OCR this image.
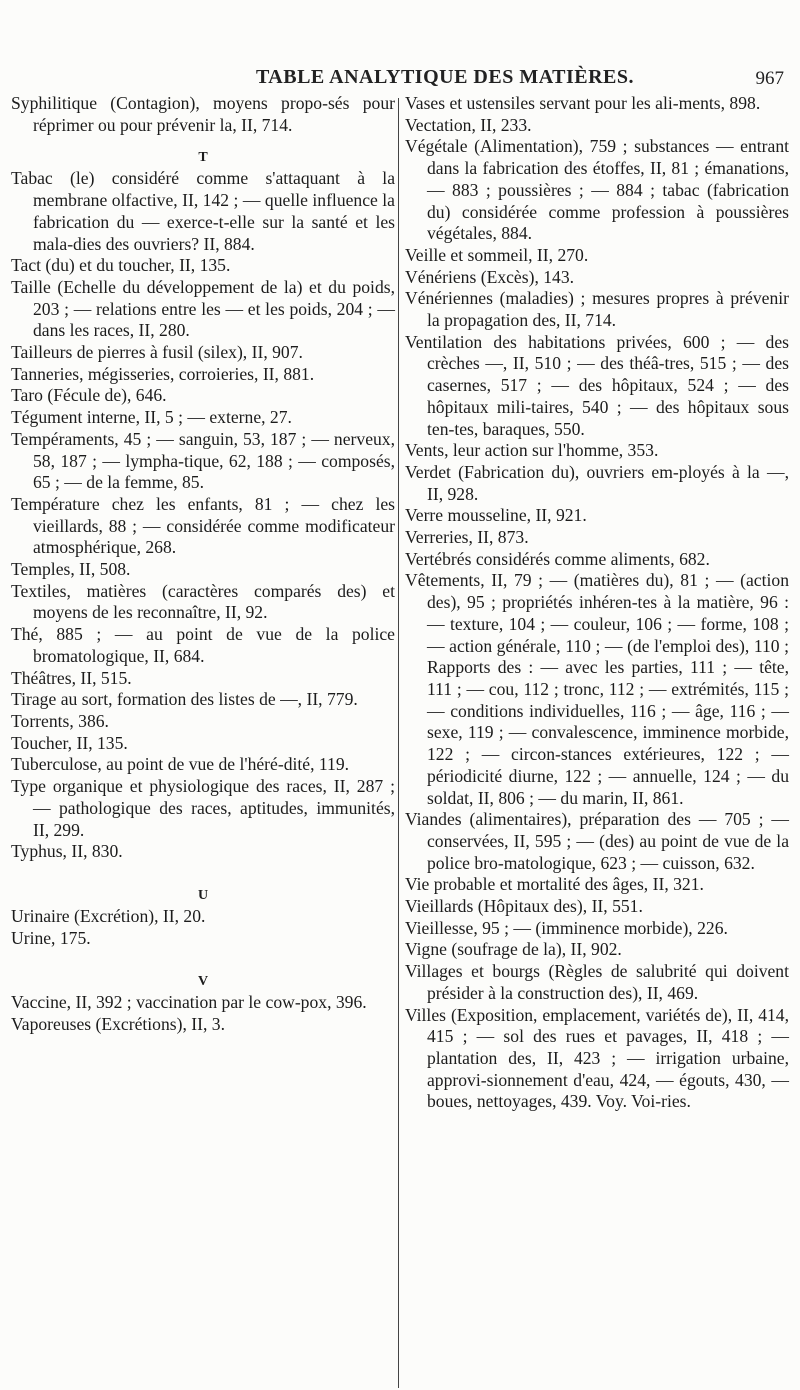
TABLE ANALYTIQUE DES MATIÈRES.	967

Syphilitique (Contagion), moyens propo-sés pour réprimer ou pour prévenir la, II, 714.

T

Tabac (le) considéré comme s'attaquant à la membrane olfactive, II, 142 ; — quelle influence la fabrication du — exerce-t-elle sur la santé et les mala-dies des ouvriers? II, 884.

Tact (du) et du toucher, II, 135.

Taille (Echelle du développement de la) et du poids, 203 ; — relations entre les — et les poids, 204 ; — dans les races, II, 280.

Tailleurs de pierres à fusil (silex), II, 907.

Tanneries, mégisseries, corroieries, II, 881.

Taro (Fécule de), 646.

Tégument interne, II, 5 ; — externe, 27.

Tempéraments, 45 ; — sanguin, 53, 187 ; — nerveux, 58, 187 ; — lympha-tique, 62, 188 ; — composés, 65 ; — de la femme, 85.

Température chez les enfants, 81 ; — chez les vieillards, 88 ; — considérée comme modificateur atmosphérique, 268.

Temples, II, 508.

Textiles, matières (caractères comparés des) et moyens de les reconnaître, II, 92.

Thé, 885 ; — au point de vue de la police bromatologique, II, 684.

Théâtres, II, 515.

Tirage au sort, formation des listes de —, II, 779.

Torrents, 386.

Toucher, II, 135.

Tuberculose, au point de vue de l'héré-dité, 119.

Type organique et physiologique des races, II, 287 ; — pathologique des races, aptitudes, immunités, II, 299.

Typhus, II, 830.

U

Urinaire (Excrétion), II, 20.

Urine, 175.

V

Vaccine, II, 392 ; vaccination par le cow-pox, 396.

Vaporeuses (Excrétions), II, 3.

Vases et ustensiles servant pour les ali-ments, 898.

Vectation, II, 233.

Végétale (Alimentation), 759 ; substances — entrant dans la fabrication des étoffes, II, 81 ; émanations, — 883 ; poussières ; — 884 ; tabac (fabrication du) considérée comme profession à poussières végétales, 884.

Veille et sommeil, II, 270.

Vénériens (Excès), 143.

Vénériennes (maladies) ; mesures propres à prévenir la propagation des, II, 714.

Ventilation des habitations privées, 600 ; — des crèches —, II, 510 ; — des théâ-tres, 515 ; — des casernes, 517 ; — des hôpitaux, 524 ; — des hôpitaux mili-taires, 540 ; — des hôpitaux sous ten-tes, baraques, 550.

Vents, leur action sur l'homme, 353.

Verdet (Fabrication du), ouvriers em-ployés à la —, II, 928.

Verre mousseline, II, 921.

Verreries, II, 873.

Vertébrés considérés comme aliments, 682.

Vêtements, II, 79 ; — (matières du), 81 ; — (action des), 95 ; propriétés inhéren-tes à la matière, 96 : — texture, 104 ; — couleur, 106 ; — forme, 108 ; — action générale, 110 ; — (de l'emploi des), 110 ; Rapports des : — avec les parties, 111 ; — tête, 111 ; — cou, 112 ; tronc, 112 ; — extrémités, 115 ; — conditions individuelles, 116 ; — âge, 116 ; — sexe, 119 ; — convalescence, imminence morbide, 122 ; — circon-stances extérieures, 122 ; — périodicité diurne, 122 ; — annuelle, 124 ; — du soldat, II, 806 ; — du marin, II, 861.

Viandes (alimentaires), préparation des — 705 ; — conservées, II, 595 ; — (des) au point de vue de la police bro-matologique, 623 ; — cuisson, 632.

Vie probable et mortalité des âges, II, 321.

Vieillards (Hôpitaux des), II, 551.

Vieillesse, 95 ; — (imminence morbide), 226.

Vigne (soufrage de la), II, 902.

Villages et bourgs (Règles de salubrité qui doivent présider à la construction des), II, 469.

Villes (Exposition, emplacement, variétés de), II, 414, 415 ; — sol des rues et pavages, II, 418 ; — plantation des, II, 423 ; — irrigation urbaine, approvi-sionnement d'eau, 424, — égouts, 430, — boues, nettoyages, 439. Voy. Voi-ries.
